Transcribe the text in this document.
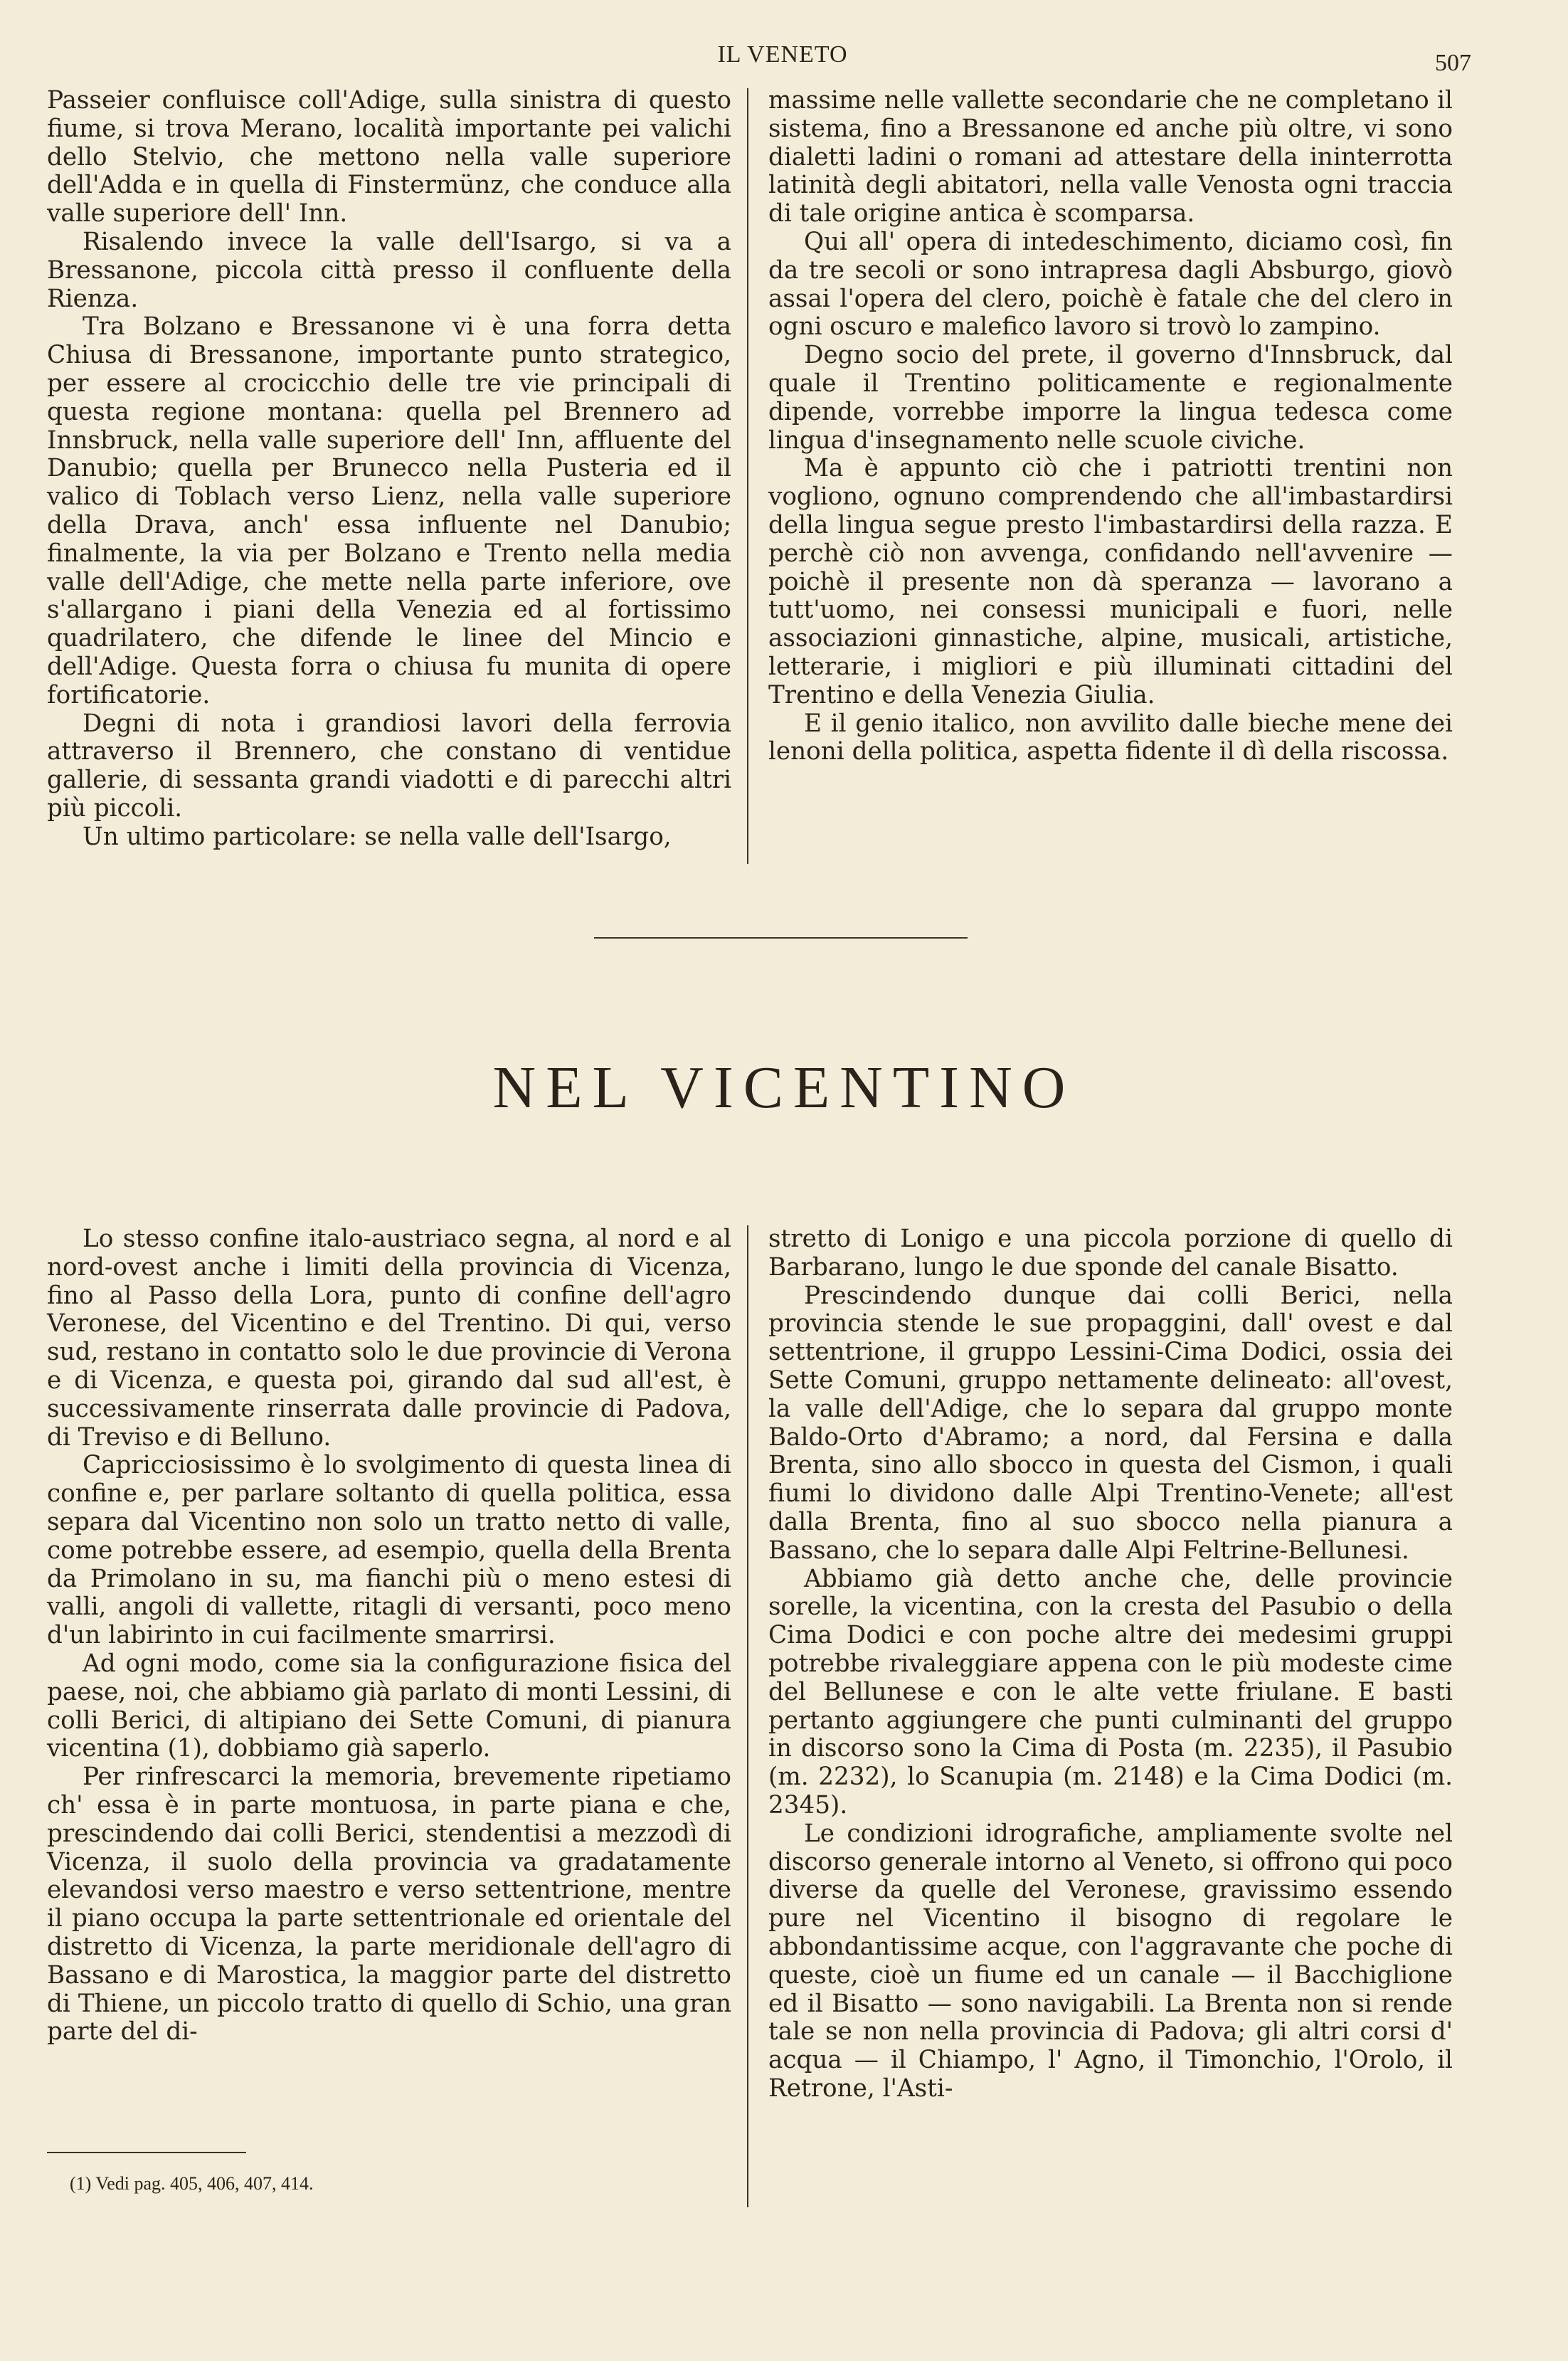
IL VENETO	507

Passeier confluisce coll'Adige, sulla sinistra di questo fiume, si trova Merano, località importante pei valichi dello Stelvio, che mettono nella valle superiore dell'Adda e in quella di Finstermünz, che conduce alla valle superiore dell' Inn.

Risalendo invece la valle dell'Isargo, si va a Bressanone, piccola città presso il confluente della Rienza.

Tra Bolzano e Bressanone vi è una forra detta Chiusa di Bressanone, importante punto strategico, per essere al crocicchio delle tre vie principali di questa regione montana: quella pel Brennero ad Innsbruck, nella valle superiore dell' Inn, affluente del Danubio; quella per Brunecco nella Pusteria ed il valico di Toblach verso Lienz, nella valle superiore della Drava, anch' essa influente nel Danubio; finalmente, la via per Bolzano e Trento nella media valle dell'Adige, che mette nella parte inferiore, ove s'allargano i piani della Venezia ed al fortissimo quadrilatero, che difende le linee del Mincio e dell'Adige. Questa forra o chiusa fu munita di opere fortificatorie.

Degni di nota i grandiosi lavori della ferrovia attraverso il Brennero, che constano di ventidue gallerie, di sessanta grandi viadotti e di parecchi altri più piccoli.

Un ultimo particolare: se nella valle dell'Isargo,

massime nelle vallette secondarie che ne completano il sistema, fino a Bressanone ed anche più oltre, vi sono dialetti ladini o romani ad attestare della ininterrotta latinità degli abitatori, nella valle Venosta ogni traccia di tale origine antica è scomparsa.

Qui all' opera di intedeschimento, diciamo così, fin da tre secoli or sono intrapresa dagli Absburgo, giovò assai l'opera del clero, poichè è fatale che del clero in ogni oscuro e malefico lavoro si trovò lo zampino.

Degno socio del prete, il governo d'Innsbruck, dal quale il Trentino politicamente e regionalmente dipende, vorrebbe imporre la lingua tedesca come lingua d'insegnamento nelle scuole civiche.

Ma è appunto ciò che i patriotti trentini non vogliono, ognuno comprendendo che all'imbastardirsi della lingua segue presto l'imbastardirsi della razza. E perchè ciò non avvenga, confidando nell'avvenire — poichè il presente non dà speranza — lavorano a tutt'uomo, nei consessi municipali e fuori, nelle associazioni ginnastiche, alpine, musicali, artistiche, letterarie, i migliori e più illuminati cittadini del Trentino e della Venezia Giulia.

E il genio italico, non avvilito dalle bieche mene dei lenoni della politica, aspetta fidente il dì della riscossa.

NEL VICENTINO

Lo stesso confine italo-austriaco segna, al nord e al nord-ovest anche i limiti della provincia di Vicenza, fino al Passo della Lora, punto di confine dell'agro Veronese, del Vicentino e del Trentino. Di qui, verso sud, restano in contatto solo le due provincie di Verona e di Vicenza, e questa poi, girando dal sud all'est, è successivamente rinserrata dalle provincie di Padova, di Treviso e di Belluno.

Capricciosissimo è lo svolgimento di questa linea di confine e, per parlare soltanto di quella politica, essa separa dal Vicentino non solo un tratto netto di valle, come potrebbe essere, ad esempio, quella della Brenta da Primolano in su, ma fianchi più o meno estesi di valli, angoli di vallette, ritagli di versanti, poco meno d'un labirinto in cui facilmente smarrirsi.

Ad ogni modo, come sia la configurazione fisica del paese, noi, che abbiamo già parlato di monti Lessini, di colli Berici, di altipiano dei Sette Comuni, di pianura vicentina (1), dobbiamo già saperlo.

Per rinfrescarci la memoria, brevemente ripetiamo ch' essa è in parte montuosa, in parte piana e che, prescindendo dai colli Berici, stendentisi a mezzodì di Vicenza, il suolo della provincia va gradatamente elevandosi verso maestro e verso settentrione, mentre il piano occupa la parte settentrionale ed orientale del distretto di Vicenza, la parte meridionale dell'agro di Bassano e di Marostica, la maggior parte del distretto di Thiene, un piccolo tratto di quello di Schio, una gran parte del di-

stretto di Lonigo e una piccola porzione di quello di Barbarano, lungo le due sponde del canale Bisatto.

Prescindendo dunque dai colli Berici, nella provincia stende le sue propaggini, dall' ovest e dal settentrione, il gruppo Lessini-Cima Dodici, ossia dei Sette Comuni, gruppo nettamente delineato: all'ovest, la valle dell'Adige, che lo separa dal gruppo monte Baldo-Orto d'Abramo; a nord, dal Fersina e dalla Brenta, sino allo sbocco in questa del Cismon, i quali fiumi lo dividono dalle Alpi Trentino-Venete; all'est dalla Brenta, fino al suo sbocco nella pianura a Bassano, che lo separa dalle Alpi Feltrine-Bellunesi.

Abbiamo già detto anche che, delle provincie sorelle, la vicentina, con la cresta del Pasubio o della Cima Dodici e con poche altre dei medesimi gruppi potrebbe rivaleggiare appena con le più modeste cime del Bellunese e con le alte vette friulane. E basti pertanto aggiungere che punti culminanti del gruppo in discorso sono la Cima di Posta (m. 2235), il Pasubio (m. 2232), lo Scanupia (m. 2148) e la Cima Dodici (m. 2345).

Le condizioni idrografiche, ampliamente svolte nel discorso generale intorno al Veneto, si offrono qui poco diverse da quelle del Veronese, gravissimo essendo pure nel Vicentino il bisogno di regolare le abbondantissime acque, con l'aggravante che poche di queste, cioè un fiume ed un canale — il Bacchiglione ed il Bisatto — sono navigabili. La Brenta non si rende tale se non nella provincia di Padova; gli altri corsi d' acqua — il Chiampo, l' Agno, il Timonchio, l'Orolo, il Retrone, l'Asti-

(1) Vedi pag. 405, 406, 407, 414.
